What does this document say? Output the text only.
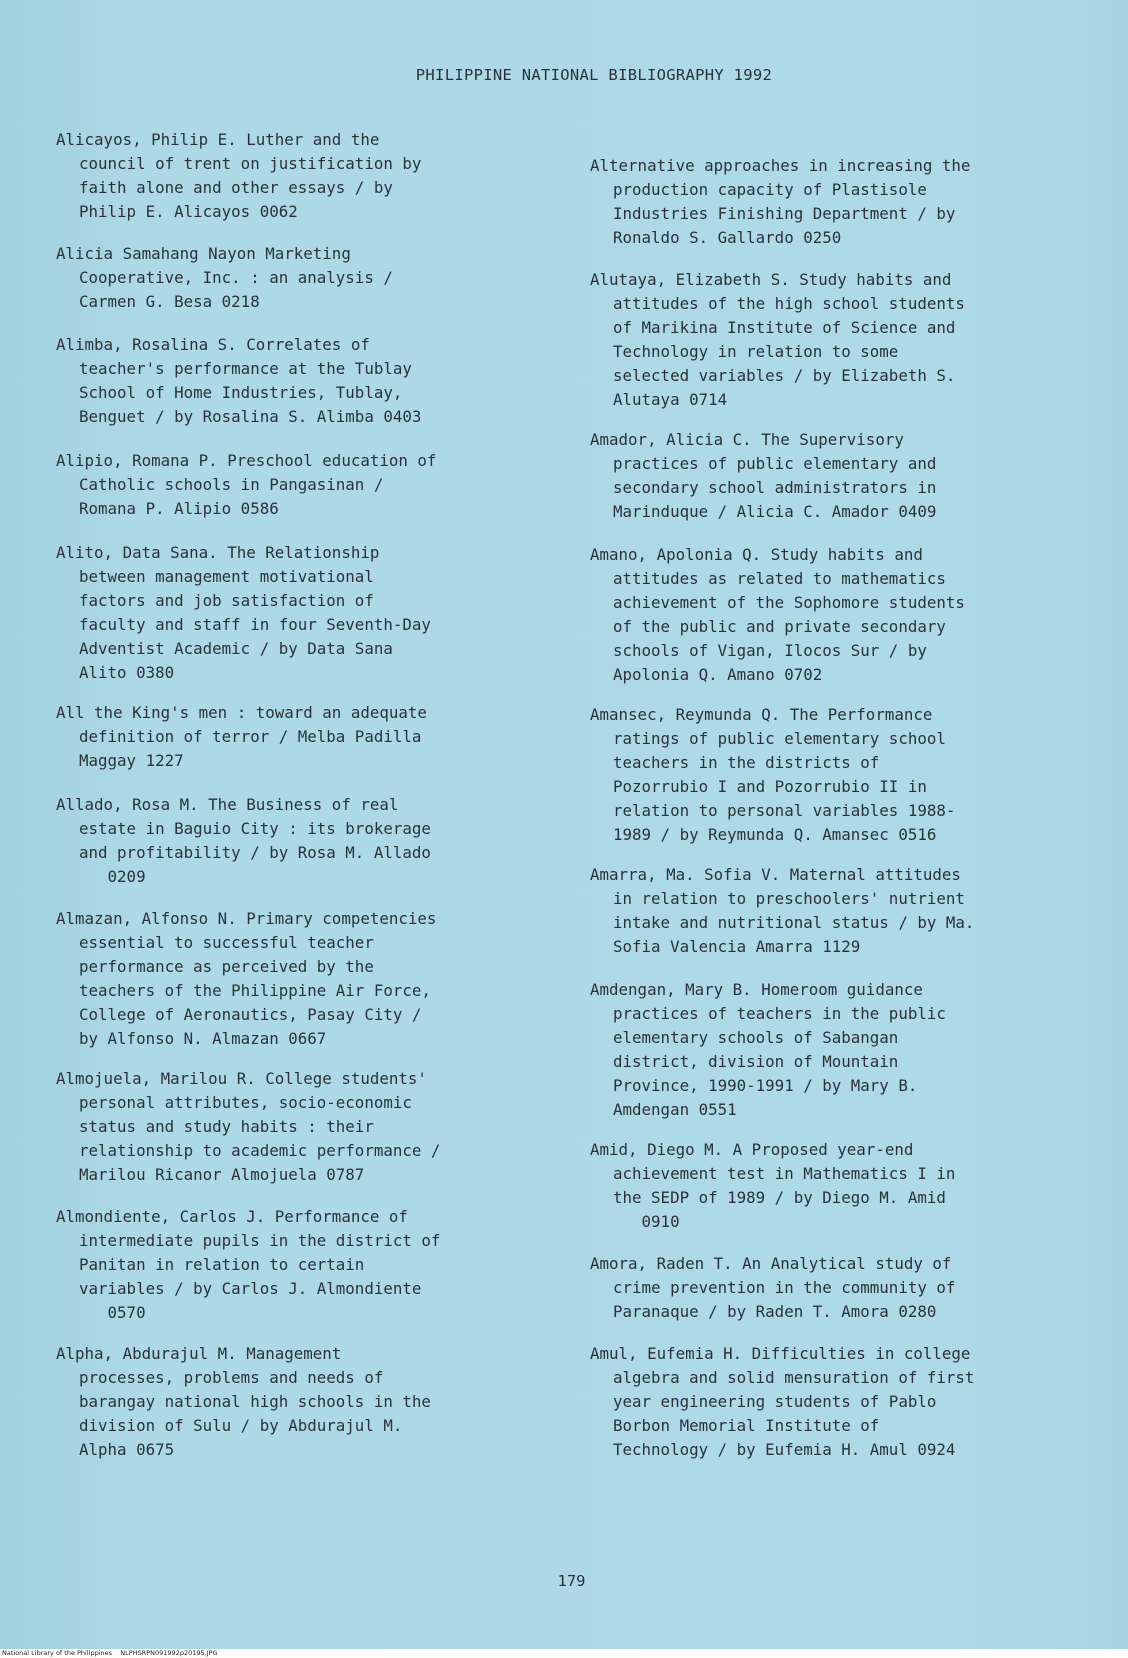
PHILIPPINE NATIONAL BIBLIOGRAPHY 1992
Alicayos, Philip E. Luther and the
council of trent on justification by
faith alone and other essays / by
Philip E. Alicayos 0062
Alicia Samahang Nayon Marketing
Cooperative, Inc. : an analysis /
Carmen G. Besa 0218
Alimba, Rosalina S. Correlates of
teacher's performance at the Tublay
School of Home Industries, Tublay,
Benguet / by Rosalina S. Alimba 0403
Alipio, Romana P. Preschool education of
Catholic schools in Pangasinan /
Romana P. Alipio 0586
Alito, Data Sana. The Relationship
between management motivational
factors and job satisfaction of
faculty and staff in four Seventh-Day
Adventist Academic / by Data Sana
Alito 0380
All the King's men : toward an adequate
definition of terror / Melba Padilla
Maggay 1227
Allado, Rosa M. The Business of real
estate in Baguio City : its brokerage
and profitability / by Rosa M. Allado
0209
Almazan, Alfonso N. Primary competencies
essential to successful teacher
performance as perceived by the
teachers of the Philippine Air Force,
College of Aeronautics, Pasay City /
by Alfonso N. Almazan 0667
Almojuela, Marilou R. College students'
personal attributes, socio-economic
status and study habits : their
relationship to academic performance /
Marilou Ricanor Almojuela 0787
Almondiente, Carlos J. Performance of
intermediate pupils in the district of
Panitan in relation to certain
variables / by Carlos J. Almondiente
0570
Alpha, Abdurajul M. Management
processes, problems and needs of
barangay national high schools in the
division of Sulu / by Abdurajul M.
Alpha 0675
Alternative approaches in increasing the
production capacity of Plastisole
Industries Finishing Department / by
Ronaldo S. Gallardo 0250
Alutaya, Elizabeth S. Study habits and
attitudes of the high school students
of Marikina Institute of Science and
Technology in relation to some
selected variables / by Elizabeth S.
Alutaya 0714
Amador, Alicia C. The Supervisory
practices of public elementary and
secondary school administrators in
Marinduque / Alicia C. Amador 0409
Amano, Apolonia Q. Study habits and
attitudes as related to mathematics
achievement of the Sophomore students
of the public and private secondary
schools of Vigan, Ilocos Sur / by
Apolonia Q. Amano 0702
Amansec, Reymunda Q. The Performance
ratings of public elementary school
teachers in the districts of
Pozorrubio I and Pozorrubio II in
relation to personal variables 1988-
1989 / by Reymunda Q. Amansec 0516
Amarra, Ma. Sofia V. Maternal attitudes
in relation to preschoolers' nutrient
intake and nutritional status / by Ma.
Sofia Valencia Amarra 1129
Amdengan, Mary B. Homeroom guidance
practices of teachers in the public
elementary schools of Sabangan
district, division of Mountain
Province, 1990-1991 / by Mary B.
Amdengan 0551
Amid, Diego M. A Proposed year-end
achievement test in Mathematics I in
the SEDP of 1989 / by Diego M. Amid
0910
Amora, Raden T. An Analytical study of
crime prevention in the community of
Paranaque / by Raden T. Amora 0280
Amul, Eufemia H. Difficulties in college
algebra and solid mensuration of first
year engineering students of Pablo
Borbon Memorial Institute of
Technology / by Eufemia H. Amul 0924
179
National Library of the Philippines NLPHSRPN091992p20195.JPG
